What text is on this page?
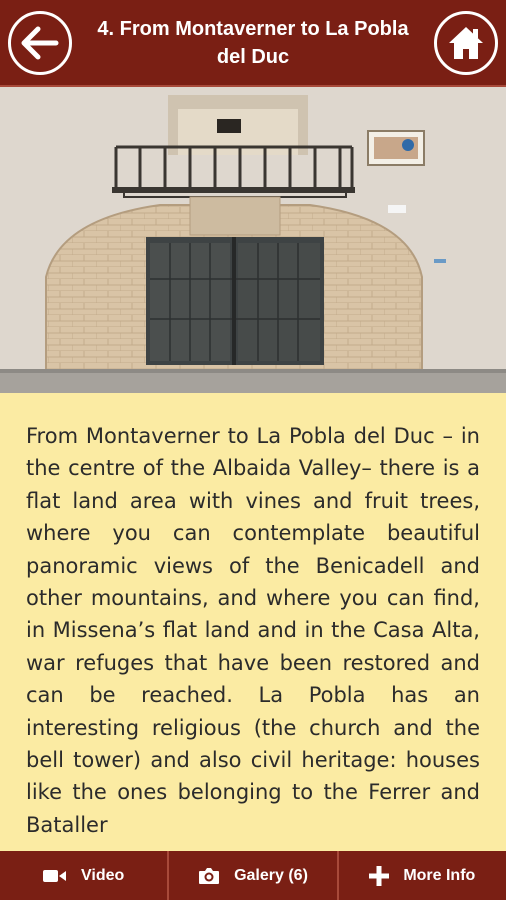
4. From Montaverner to La Pobla del Duc

From Montaverner to La Pobla del Duc – in the centre of the Albaida Valley– there is a flat land area with vines and fruit trees, where you can contemplate beautiful panoramic views of the Benicadell and other mountains, and where you can find, in Missena’s flat land and in the Casa Alta, war refuges that have been restored and can be reached. La Pobla has an interesting religious (the church and the bell tower) and also civil heritage: houses like the ones belonging to the Ferrer and Bataller

Video	Galery (6)	More Info
